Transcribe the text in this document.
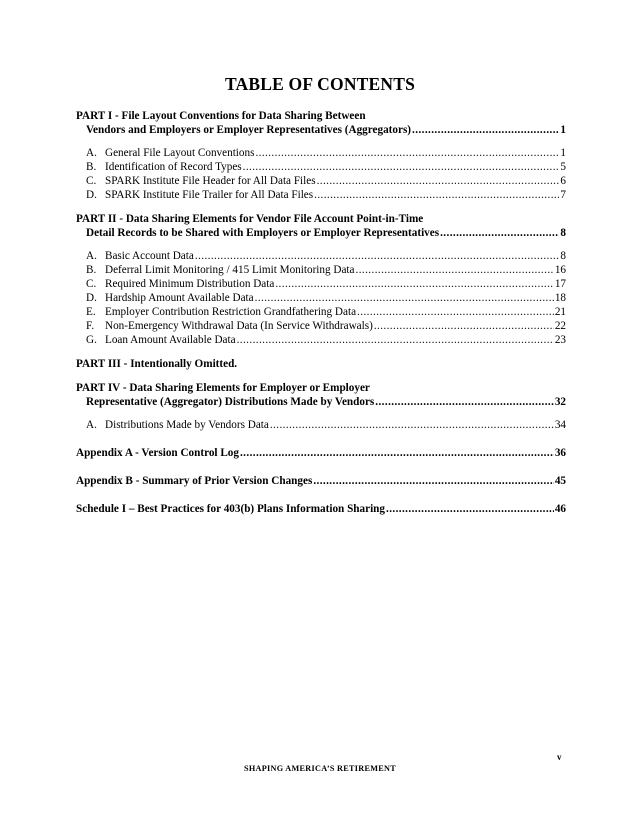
TABLE OF CONTENTS
PART I - File Layout Conventions for Data Sharing Between
Vendors and Employers or Employer Representatives (Aggregators) .....	1
A. General File Layout Conventions .....	1
B. Identification of Record Types .....	5
C. SPARK Institute File Header for All Data Files .....	6
D. SPARK Institute File Trailer for All Data Files .....	7
PART II - Data Sharing Elements for Vendor File Account Point-in-Time
Detail Records to be Shared with Employers or Employer Representatives .....	8
A. Basic Account Data .....	8
B. Deferral Limit Monitoring / 415 Limit Monitoring Data .....	16
C. Required Minimum Distribution Data .....	17
D. Hardship Amount Available Data .....	18
E. Employer Contribution Restriction Grandfathering Data .....	21
F. Non-Emergency Withdrawal Data (In Service Withdrawals) .....	22
G. Loan Amount Available Data .....	23
PART III - Intentionally Omitted.
PART IV - Data Sharing Elements for Employer or Employer
Representative (Aggregator) Distributions Made by Vendors .....	32
A. Distributions Made by Vendors Data .....	34
Appendix A - Version Control Log .....	36
Appendix B - Summary of Prior Version Changes .....	45
Schedule I – Best Practices for 403(b) Plans Information Sharing .....	46
v
SHAPING AMERICA’S RETIREMENT
